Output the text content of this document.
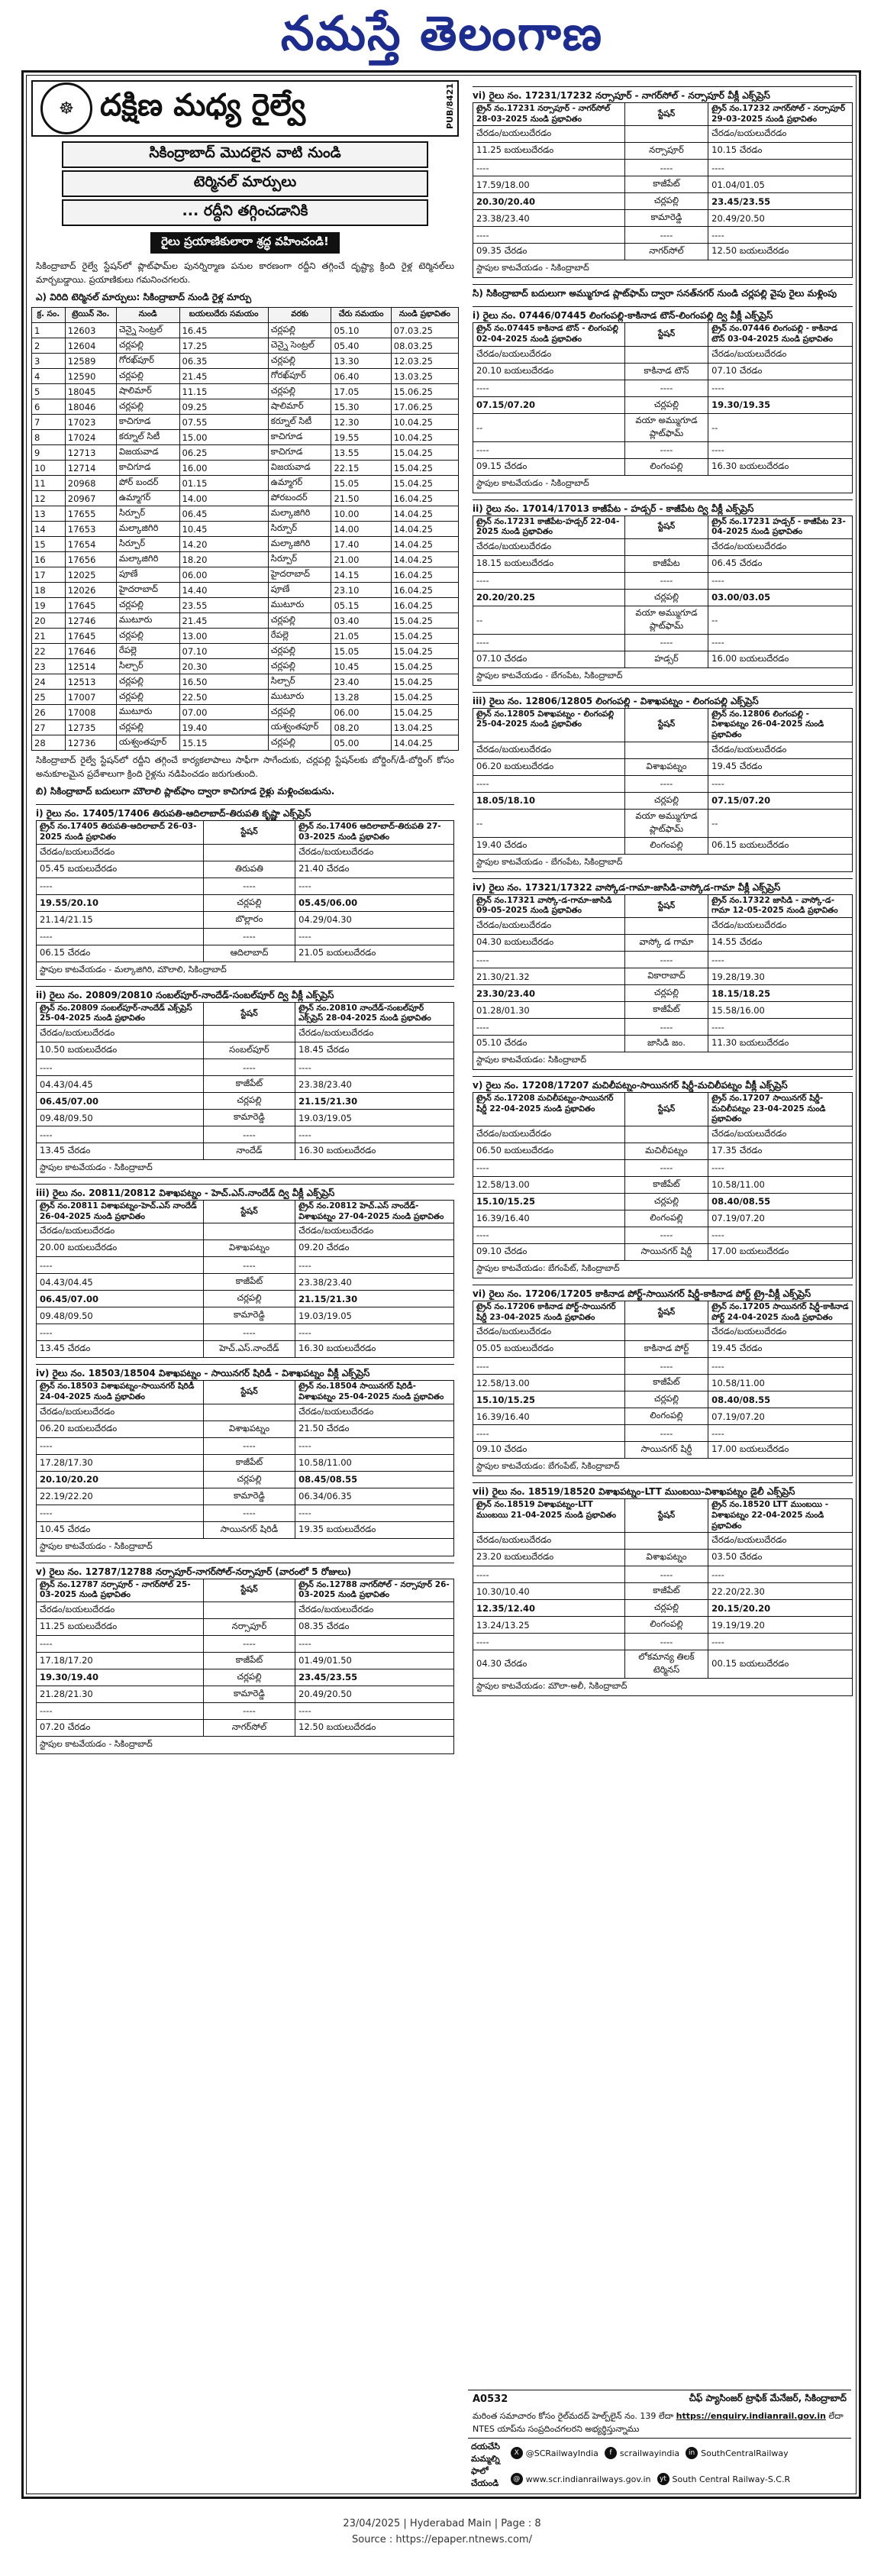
నమస్తే తెలంగాణ
PUB/8421
☸ దక్షిణ మధ్య రైల్వే
సికింద్రాబాద్ మొదలైన వాటి నుండి
టెర్మినల్ మార్పులు
... రద్దీని తగ్గించడానికి
రైలు ప్రయాణికులారా శ్రద్ధ వహించండి!

సికింద్రాబాద్ రైల్వే స్టేషన్‌లో ప్లాట్‌ఫామ్‌ల పునర్నిర్మాణ పనుల కారణంగా రద్దీని తగ్గించే దృష్ట్యా క్రింది రైళ్ల టెర్మినల్‌లు మార్చబడ్డాయి. ప్రయాణికులు గమనించగలరు.

ఎ) విరిది టెర్మినల్ మార్పులు: సికింద్రాబాద్ నుండి రైళ్ల మార్పు

క్ర. సం.	ట్రెయిన్ నెం.	నుండి	బయలుదేరు సమయం	వరకు	చేరు సమయం	నుండి ప్రభావితం
1	12603	చెన్నై సెంట్రల్	16.45	చర్లపల్లి	05.10	07.03.25
2	12604	చర్లపల్లి	17.25	చెన్నై సెంట్రల్	05.40	08.03.25
3	12589	గోరఖ్‌పూర్	06.35	చర్లపల్లి	13.30	12.03.25
4	12590	చర్లపల్లి	21.45	గోరఖ్‌పూర్	06.40	13.03.25
5	18045	షాలిమార్	11.15	చర్లపల్లి	17.05	15.06.25
6	18046	చర్లపల్లి	09.25	షాలిమార్	15.30	17.06.25
7	17023	కాచిగూడ	07.55	కర్నూల్ సిటీ	12.30	10.04.25
8	17024	కర్నూల్ సిటీ	15.00	కాచిగూడ	19.55	10.04.25
9	12713	విజయవాడ	06.25	కాచిగూడ	13.55	15.04.25
10	12714	కాచిగూడ	16.00	విజయవాడ	22.15	15.04.25
11	20968	పోర్ బందర్	01.15	ఉమ్మాగర్	15.05	15.04.25
12	20967	ఉమ్మాగర్	14.00	పోరబందర్	21.50	16.04.25
13	17655	సిర్పూర్	06.45	మల్కాజిగిరి	10.00	14.04.25
14	17653	మల్కాజిగిరి	10.45	సిర్పూర్	14.00	14.04.25
15	17654	సిర్పూర్	14.20	మల్కాజిగిరి	17.40	14.04.25
16	17656	మల్కాజిగిరి	18.20	సిర్పూర్	21.00	14.04.25
17	12025	పూణే	06.00	హైదరాబాద్	14.15	16.04.25
18	12026	హైదరాబాద్	14.40	పూణే	23.10	16.04.25
19	17645	చర్లపల్లి	23.55	ముటూరు	05.15	16.04.25
20	12746	ముటూరు	21.45	చర్లపల్లి	03.40	15.04.25
21	17645	చర్లపల్లి	13.00	రేపల్లె	21.05	15.04.25
22	17646	రేపల్లె	07.10	చర్లపల్లి	15.05	15.04.25
23	12514	సిల్చార్	20.30	చర్లపల్లి	10.45	15.04.25
24	12513	చర్లపల్లి	16.50	సిల్చార్	23.40	15.04.25
25	17007	చర్లపల్లి	22.50	ముటూరు	13.28	15.04.25
26	17008	ముటూరు	07.00	చర్లపల్లి	06.00	15.04.25
27	12735	చర్లపల్లి	19.40	యశ్వంతపూర్	08.20	13.04.25
28	12736	యశ్వంతపూర్	15.15	చర్లపల్లి	05.00	14.04.25

సికింద్రాబాద్ రైల్వే స్టేషన్‌లో రద్దీని తగ్గించే కార్యకలాపాలు సాఫీగా సాగేందుకు, చర్లపల్లి స్టేషన్‌లకు బోర్డింగ్/డీ-బోర్డింగ్ కోసం అనుకూలమైన ప్రదేశాలుగా క్రింది రైళ్లను నడిపించడం జరుగుతుంది.

బి) సికింద్రాబాద్ బదులుగా మౌలాలి ప్లాట్‌ఫాం ద్వారా కాచిగూడ రైళ్లు మళ్లించబడును.

i) రైలు నం. 17405/17406 తిరుపతి-ఆదిలాబాద్-తిరుపతి కృష్ణా ఎక్స్‌ప్రెస్
ట్రైన్ నం.17405 తిరుపతి-ఆదిలాబాద్ 26-03-2025 నుండి ప్రభావితం	స్టేషన్	ట్రైన్ నం.17406 ఆదిలాబాద్-తిరుపతి 27-03-2025 నుండి ప్రభావితం
చేరడం/బయలుదేరడం		చేరడం/బయలుదేరడం
05.45 బయలుదేరడం	తిరుపతి	21.40 చేరడం
----	----	----
19.55/20.10	చర్లపల్లి	05.45/06.00
21.14/21.15	బొల్లారం	04.29/04.30
----	----	----
06.15 చేరడం	ఆదిలాబాద్	21.05 బయలుదేరడం
స్టాపుల కాటవేయడం - మల్కాజిగిరి, మౌలాలి, సికింద్రాబాద్
ii) రైలు నం. 20809/20810 సంబల్‌పూర్-నాందేడ్-సంబల్‌పూర్ ద్వి వీక్లీ ఎక్స్‌ప్రెస్
ట్రైన్ నం.20809 సంబల్‌పూర్-నాందేడ్ ఎక్స్‌ప్రెస్ 25-04-2025 నుండి ప్రభావితం	స్టేషన్	ట్రైన్ నం.20810 నాందేడ్-సంబల్‌పూర్ ఎక్స్‌ప్రెస్ 28-04-2025 నుండి ప్రభావితం
చేరడం/బయలుదేరడం		చేరడం/బయలుదేరడం
10.50 బయలుదేరడం	సంబల్‌పూర్	18.45 చేరడం
----	----	----
04.43/04.45	కాజీపేట్	23.38/23.40
06.45/07.00	చర్లపల్లి	21.15/21.30
09.48/09.50	కామారెడ్డి	19.03/19.05
----	----	----
13.45 చేరడం	నాందేడ్	16.30 బయలుదేరడం
స్టాపుల కాటవేయడం - సికింద్రాబాద్
iii) రైలు నం. 20811/20812 విశాఖపట్నం - హెచ్.ఎస్.నాందేడ్ ద్వి వీక్లీ ఎక్స్‌ప్రెస్
ట్రైన్ నం.20811 విశాఖపట్నం-హెచ్.ఎస్ నాందేడ్ 26-04-2025 నుండి ప్రభావితం	స్టేషన్	ట్రైన్ నం.20812 హెచ్.ఎస్ నాందేడ్-విశాఖపట్నం 27-04-2025 నుండి ప్రభావితం
చేరడం/బయలుదేరడం		చేరడం/బయలుదేరడం
20.00 బయలుదేరడం	విశాఖపట్నం	09.20 చేరడం
----	----	----
04.43/04.45	కాజీపేట్	23.38/23.40
06.45/07.00	చర్లపల్లి	21.15/21.30
09.48/09.50	కామారెడ్డి	19.03/19.05
----	----	----
13.45 చేరడం	హెచ్.ఎస్.నాందేడ్	16.30 బయలుదేరడం
iv) రైలు నం. 18503/18504 విశాఖపట్నం - సాయినగర్ షిరిడీ - విశాఖపట్నం వీక్లీ ఎక్స్‌ప్రెస్
ట్రైన్ నం.18503 విశాఖపట్నం-సాయినగర్ షిరిడీ 24-04-2025 నుండి ప్రభావితం	స్టేషన్	ట్రైన్ నం.18504 సాయినగర్ షిరిడీ-విశాఖపట్నం 25-04-2025 నుండి ప్రభావితం
చేరడం/బయలుదేరడం		చేరడం/బయలుదేరడం
06.20 బయలుదేరడం	విశాఖపట్నం	21.50 చేరడం
----	----	----
17.28/17.30	కాజీపేట్	10.58/11.00
20.10/20.20	చర్లపల్లి	08.45/08.55
22.19/22.20	కామారెడ్డి	06.34/06.35
----	----	----
10.45 చేరడం	సాయినగర్ షిరిడీ	19.35 బయలుదేరడం
స్టాపుల కాటవేయడం - సికింద్రాబాద్
v) రైలు నం. 12787/12788 నర్సాపూర్-నాగర్‌సోల్-నర్సాపూర్ (వారంలో 5 రోజులు)
ట్రైన్ నం.12787 నర్సాపూర్ - నాగర్‌సోల్ 25-03-2025 నుండి ప్రభావితం	స్టేషన్	ట్రైన్ నం.12788 నాగర్‌సోల్ - నర్సాపూర్ 26-03-2025 నుండి ప్రభావితం
చేరడం/బయలుదేరడం		చేరడం/బయలుదేరడం
11.25 బయలుదేరడం	నర్సాపూర్	08.35 చేరడం
----	----	----
17.18/17.20	కాజీపేట్	01.49/01.50
19.30/19.40	చర్లపల్లి	23.45/23.55
21.28/21.30	కామారెడ్డి	20.49/20.50
----	----	----
07.20 చేరడం	నాగర్‌సోల్	12.50 బయలుదేరడం
స్టాపుల కాటవేయడం - సికింద్రాబాద్
vi) రైలు నం. 17231/17232 నర్సాపూర్ - నాగర్‌సోల్ - నర్సాపూర్ వీక్లీ ఎక్స్‌ప్రెస్
ట్రైన్ నం.17231 నర్సాపూర్ - నాగర్‌సోల్ 28-03-2025 నుండి ప్రభావితం	స్టేషన్	ట్రైన్ నం.17232 నాగర్‌సోల్ - నర్సాపూర్ 29-03-2025 నుండి ప్రభావితం
చేరడం/బయలుదేరడం		చేరడం/బయలుదేరడం
11.25 బయలుదేరడం	నర్సాపూర్	10.15 చేరడం
----	----	----
17.59/18.00	కాజీపేట్	01.04/01.05
20.30/20.40	చర్లపల్లి	23.45/23.55
23.38/23.40	కామారెడ్డి	20.49/20.50
----	----	----
09.35 చేరడం	నాగర్‌సోల్	12.50 బయలుదేరడం
స్టాపుల కాటవేయడం - సికింద్రాబాద్
సి) సికింద్రాబాద్ బదులుగా అమ్ముగూడ ప్లాట్‌ఫామ్ ద్వారా సనత్‌నగర్ నుండి చర్లపల్లి వైపు రైలు మళ్లింపు
i) రైలు నం. 07446/07445 లింగంపల్లి-కాకినాడ టౌన్-లింగంపల్లి ద్వి వీక్లీ ఎక్స్‌ప్రెస్
ట్రైన్ నం.07445 కాకినాడ టౌన్ - లింగంపల్లి 02-04-2025 నుండి ప్రభావితం	స్టేషన్	ట్రైన్ నం.07446 లింగంపల్లి - కాకినాడ టౌన్ 03-04-2025 నుండి ప్రభావితం
చేరడం/బయలుదేరడం		చేరడం/బయలుదేరడం
20.10 బయలుదేరడం	కాకినాడ టౌన్	07.10 చేరడం
----	----	----
07.15/07.20	చర్లపల్లి	19.30/19.35
--	వయా అమ్ముగూడ ప్లాట్‌ఫామ్	--
----	----	----
09.15 చేరడం	లింగంపల్లి	16.30 బయలుదేరడం
స్టాపుల కాటవేయడం - సికింద్రాబాద్
ii) రైలు నం. 17014/17013 కాజీపేట - హడ్సర్ - కాజీపేట ద్వి వీక్లీ ఎక్స్‌ప్రెస్
ట్రైన్ నం.17231 కాజీపేట-హడ్సర్ 22-04-2025 నుండి ప్రభావితం	స్టేషన్	ట్రైన్ నం.17231 హడ్సర్ - కాజీపేట 23-04-2025 నుండి ప్రభావితం
చేరడం/బయలుదేరడం		చేరడం/బయలుదేరడం
18.15 బయలుదేరడం	కాజీపేట	06.45 చేరడం
----	----	----
20.20/20.25	చర్లపల్లి	03.00/03.05
--	వయా అమ్ముగూడ ప్లాట్‌ఫామ్	--
----	----	----
07.10 చేరడం	హడ్సర్	16.00 బయలుదేరడం
స్టాపుల కాటవేయడం - బేగంపేట, సికింద్రాబాద్
iii) రైలు నం. 12806/12805 లింగంపల్లి - విశాఖపట్నం - లింగంపల్లి ఎక్స్‌ప్రెస్
ట్రైన్ నం.12805 విశాఖపట్నం - లింగంపల్లి 25-04-2025 నుండి ప్రభావితం	స్టేషన్	ట్రైన్ నం.12806 లింగంపల్లి - విశాఖపట్నం 26-04-2025 నుండి ప్రభావితం
చేరడం/బయలుదేరడం		చేరడం/బయలుదేరడం
06.20 బయలుదేరడం	విశాఖపట్నం	19.45 చేరడం
----	----	----
18.05/18.10	చర్లపల్లి	07.15/07.20
--	వయా అమ్ముగూడ ప్లాట్‌ఫామ్	--
19.40 చేరడం	లింగంపల్లి	06.15 బయలుదేరడం
స్టాపుల కాటవేయడం - బేగంపేట, సికింద్రాబాద్
iv) రైలు నం. 17321/17322 వాస్కోడ-గామా-జాసిడి-వాస్కోడ-గామా వీక్లీ ఎక్స్‌ప్రెస్
ట్రైన్ నం.17321 వాస్కో-డ-గామా-జాసిడి 09-05-2025 నుండి ప్రభావితం	స్టేషన్	ట్రైన్ నం.17322 జాసిడి - వాస్కో-డ-గామా 12-05-2025 నుండి ప్రభావితం
చేరడం/బయలుదేరడం		చేరడం/బయలుదేరడం
04.30 బయలుదేరడం	వాస్కో డ గామా	14.55 చేరడం
----	----	----
21.30/21.32	వికారాబాద్	19.28/19.30
23.30/23.40	చర్లపల్లి	18.15/18.25
01.28/01.30	కాజీపేట్	15.58/16.00
----	----	----
05.10 చేరడం	జాసిడి జం.	11.30 బయలుదేరడం
స్టాపుల కాటవేయడం: సికింద్రాబాద్
v) రైలు నం. 17208/17207 మచిలీపట్నం-సాయినగర్ షిర్డీ-మచిలీపట్నం వీక్లీ ఎక్స్‌ప్రెస్
ట్రైన్ నం.17208 మచిలీపట్నం-సాయినగర్ షిర్డీ 22-04-2025 నుండి ప్రభావితం	స్టేషన్	ట్రైన్ నం.17207 సాయినగర్ షిర్డీ-మచిలీపట్నం 23-04-2025 నుండి ప్రభావితం
చేరడం/బయలుదేరడం		చేరడం/బయలుదేరడం
06.50 బయలుదేరడం	మచిలీపట్నం	17.35 చేరడం
----	----	----
12.58/13.00	కాజీపేట్	10.58/11.00
15.10/15.25	చర్లపల్లి	08.40/08.55
16.39/16.40	లింగంపల్లి	07.19/07.20
----	----	----
09.10 చేరడం	సాయినగర్ షిర్డీ	17.00 బయలుదేరడం
స్టాపుల కాటవేయడం: బేగంపేట్, సికింద్రాబాద్
vi) రైలు నం. 17206/17205 కాకినాడ పోర్ట్-సాయినగర్ షిర్డీ-కాకినాడ పోర్ట్ ట్రై-వీక్లీ ఎక్స్‌ప్రెస్
ట్రైన్ నం.17206 కాకినాడ పోర్ట్-సాయినగర్ షిర్డీ 23-04-2025 నుండి ప్రభావితం	స్టేషన్	ట్రైన్ నం.17205 సాయినగర్ షిర్డీ-కాకినాడ పోర్ట్ 24-04-2025 నుండి ప్రభావితం
చేరడం/బయలుదేరడం		చేరడం/బయలుదేరడం
05.05 బయలుదేరడం	కాకినాడ పోర్ట్	19.45 చేరడం
----	----	----
12.58/13.00	కాజీపేట్	10.58/11.00
15.10/15.25	చర్లపల్లి	08.40/08.55
16.39/16.40	లింగంపల్లి	07.19/07.20
----	----	----
09.10 చేరడం	సాయినగర్ షిర్డీ	17.00 బయలుదేరడం
స్టాపుల కాటవేయడం: బేగంపేట్, సికింద్రాబాద్
vii) రైలు నం. 18519/18520 విశాఖపట్నం-LTT ముంబయి-విశాఖపట్నం డైలీ ఎక్స్‌ప్రెస్
ట్రైన్ నం.18519 విశాఖపట్నం-LTT ముంబయి 21-04-2025 నుండి ప్రభావితం	స్టేషన్	ట్రైన్ నం.18520 LTT ముంబయి - విశాఖపట్నం 22-04-2025 నుండి ప్రభావితం
చేరడం/బయలుదేరడం		చేరడం/బయలుదేరడం
23.20 బయలుదేరడం	విశాఖపట్నం	03.50 చేరడం
----	----	----
10.30/10.40	కాజీపేట్	22.20/22.30
12.35/12.40	చర్లపల్లి	20.15/20.20
13.24/13.25	లింగంపల్లి	19.19/19.20
----	----	----
04.30 చేరడం	లోకమాన్య తిలక్ టెర్మినస్	00.15 బయలుదేరడం
స్టాపుల కాటవేయడం: మౌలా-అలీ, సికింద్రాబాద్
A0532	చీఫ్ ప్యాసింజర్ ట్రాఫిక్ మేనేజర్, సికింద్రాబాద్
మరింత సమాచారం కోసం రైల్‌మదద్ హెల్ప్‌లైన్ నం. 139 లేదా https://enquiry.indianrail.gov.in లేదా NTES యాప్‌ను సంప్రదించగలరని అభ్యర్థిస్తున్నాము
దయచేసి మమ్మల్ని ఫాలో చేయండి
X @SCRailwayIndia	f scrailwayindia	in SouthCentralRailway
@ www.scr.indianrailways.gov.in	yt South Central Railway-S.C.R
23/04/2025 | Hyderabad Main | Page : 8
Source : https://epaper.ntnews.com/
